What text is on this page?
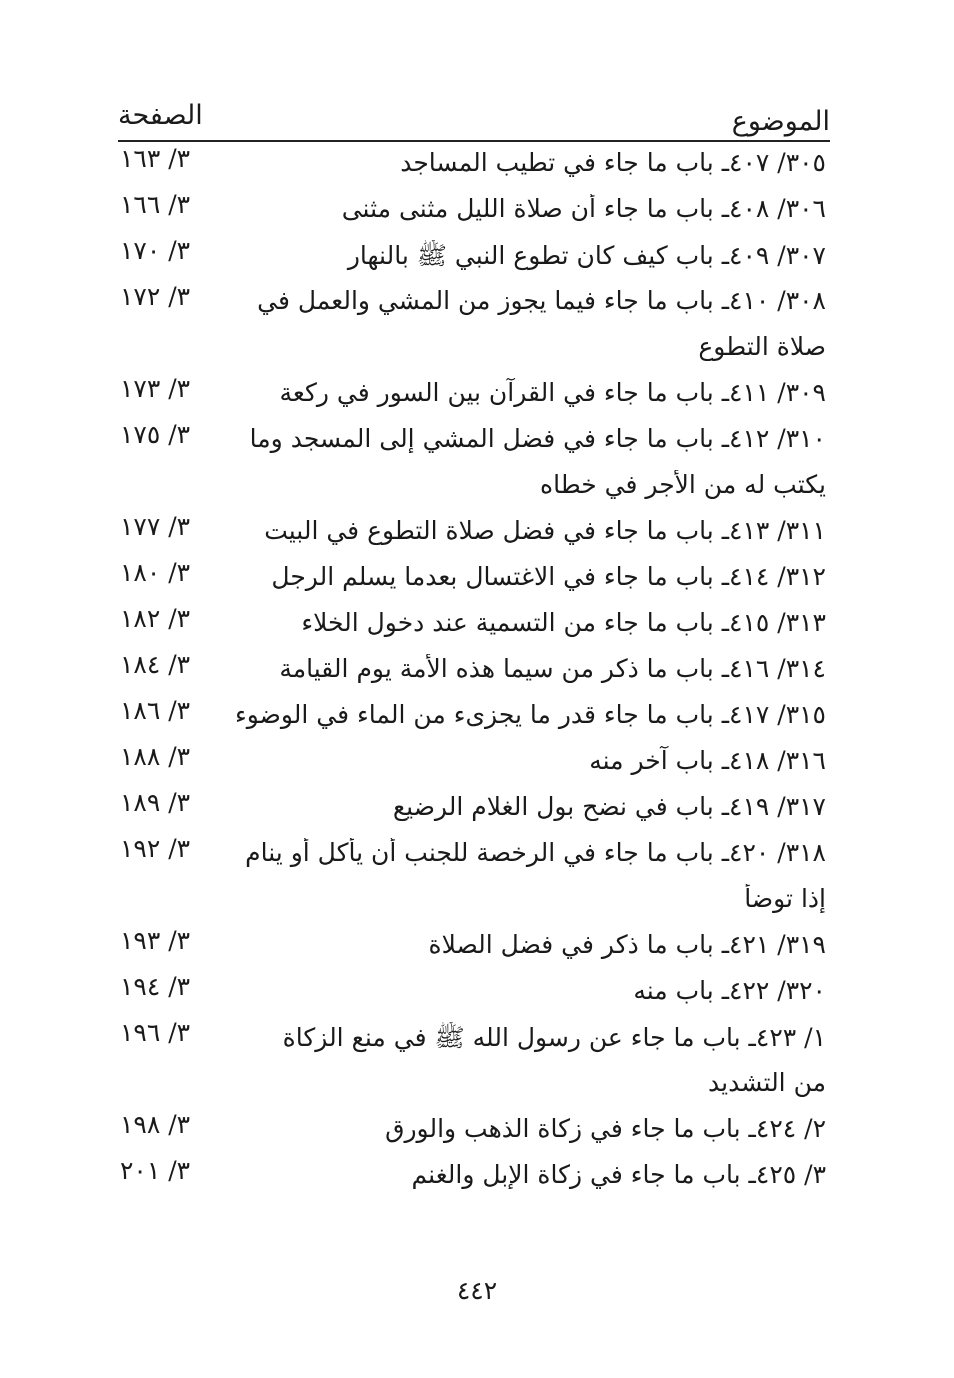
الموضوع
الصفحة
٣٠٥/ ٤٠٧ـ باب ما جاء في تطيب المساجد
٣/ ١٦٣
٣٠٦/ ٤٠٨ـ باب ما جاء أن صلاة الليل مثنى مثنى
٣/ ١٦٦
٣٠٧/ ٤٠٩ـ باب كيف كان تطوع النبي ﷺ بالنهار
٣/ ١٧٠
٣٠٨/ ٤١٠ـ باب ما جاء فيما يجوز من المشي والعمل في
٣/ ١٧٢
صلاة التطوع
٣٠٩/ ٤١١ـ باب ما جاء في القرآن بين السور في ركعة
٣/ ١٧٣
٣١٠/ ٤١٢ـ باب ما جاء في فضل المشي إلى المسجد وما
٣/ ١٧٥
يكتب له من الأجر في خطاه
٣١١/ ٤١٣ـ باب ما جاء في فضل صلاة التطوع في البيت
٣/ ١٧٧
٣١٢/ ٤١٤ـ باب ما جاء في الاغتسال بعدما يسلم الرجل
٣/ ١٨٠
٣١٣/ ٤١٥ـ باب ما جاء من التسمية عند دخول الخلاء
٣/ ١٨٢
٣١٤/ ٤١٦ـ باب ما ذكر من سيما هذه الأمة يوم القيامة
٣/ ١٨٤
٣١٥/ ٤١٧ـ باب ما جاء قدر ما يجزىء من الماء في الوضوء
٣/ ١٨٦
٣١٦/ ٤١٨ـ باب آخر منه
٣/ ١٨٨
٣١٧/ ٤١٩ـ باب في نضح بول الغلام الرضيع
٣/ ١٨٩
٣١٨/ ٤٢٠ـ باب ما جاء في الرخصة للجنب أن يأكل أو ينام
٣/ ١٩٢
إذا توضأ
٣١٩/ ٤٢١ـ باب ما ذكر في فضل الصلاة
٣/ ١٩٣
٣٢٠/ ٤٢٢ـ باب منه
٣/ ١٩٤
١/ ٤٢٣ـ باب ما جاء عن رسول الله ﷺ في منع الزكاة
٣/ ١٩٦
من التشديد
٢/ ٤٢٤ـ باب ما جاء في زكاة الذهب والورق
٣/ ١٩٨
٣/ ٤٢٥ـ باب ما جاء في زكاة الإبل والغنم
٣/ ٢٠١
٤٤٢
